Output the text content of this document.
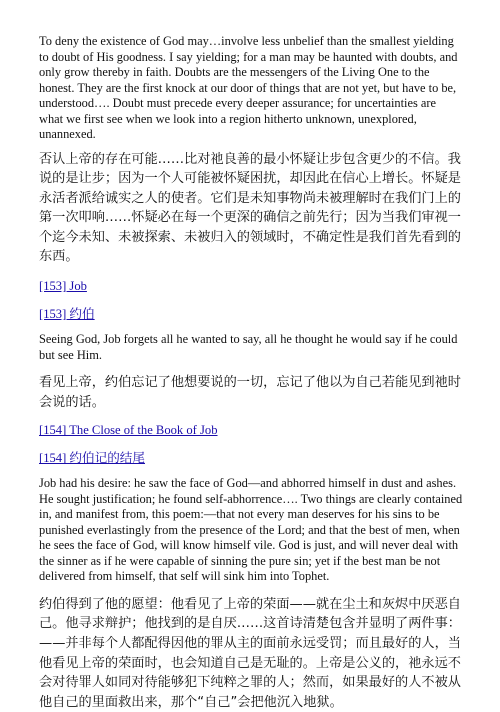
To deny the existence of God may…involve less unbelief than the smallest yielding to doubt of His goodness. I say yielding; for a man may be haunted with doubts, and only grow thereby in faith. Doubts are the messengers of the Living One to the honest. They are the first knock at our door of things that are not yet, but have to be, understood…. Doubt must precede every deeper assurance; for uncertainties are what we first see when we look into a region hitherto unknown, unexplored, unannexed.

否认上帝的存在可能……比对祂良善的最小怀疑让步包含更少的不信。我说的是让步；因为一个人可能被怀疑困扰，却因此在信心上增长。怀疑是永活者派给诚实之人的使者。它们是未知事物尚未被理解时在我们门上的第一次叩响……怀疑必在每一个更深的确信之前先行；因为当我们审视一个迄今未知、未被探索、未被归入的领域时，不确定性是我们首先看到的东西。

[153] Job
[153] 约伯

Seeing God, Job forgets all he wanted to say, all he thought he would say if he could but see Him.

看见上帝，约伯忘记了他想要说的一切，忘记了他以为自己若能见到祂时会说的话。

[154] The Close of the Book of Job
[154] 约伯记的结尾

Job had his desire: he saw the face of God—and abhorred himself in dust and ashes. He sought justification; he found self-abhorrence…. Two things are clearly contained in, and manifest from, this poem:—that not every man deserves for his sins to be punished everlastingly from the presence of the Lord; and that the best of men, when he sees the face of God, will know himself vile. God is just, and will never deal with the sinner as if he were capable of sinning the pure sin; yet if the best man be not delivered from himself, that self will sink him into Tophet.

约伯得到了他的愿望：他看见了上帝的荣面——就在尘土和灰烬中厌恶自己。他寻求辩护；他找到的是自厌……这首诗清楚包含并显明了两件事：——并非每个人都配得因他的罪从主的面前永远受罚；而且最好的人，当他看见上帝的荣面时，也会知道自己是无耻的。上帝是公义的，祂永远不会对待罪人如同对待能够犯下纯粹之罪的人；然而，如果最好的人不被从他自己的里面救出来，那个“自己”会把他沉入地狱。
